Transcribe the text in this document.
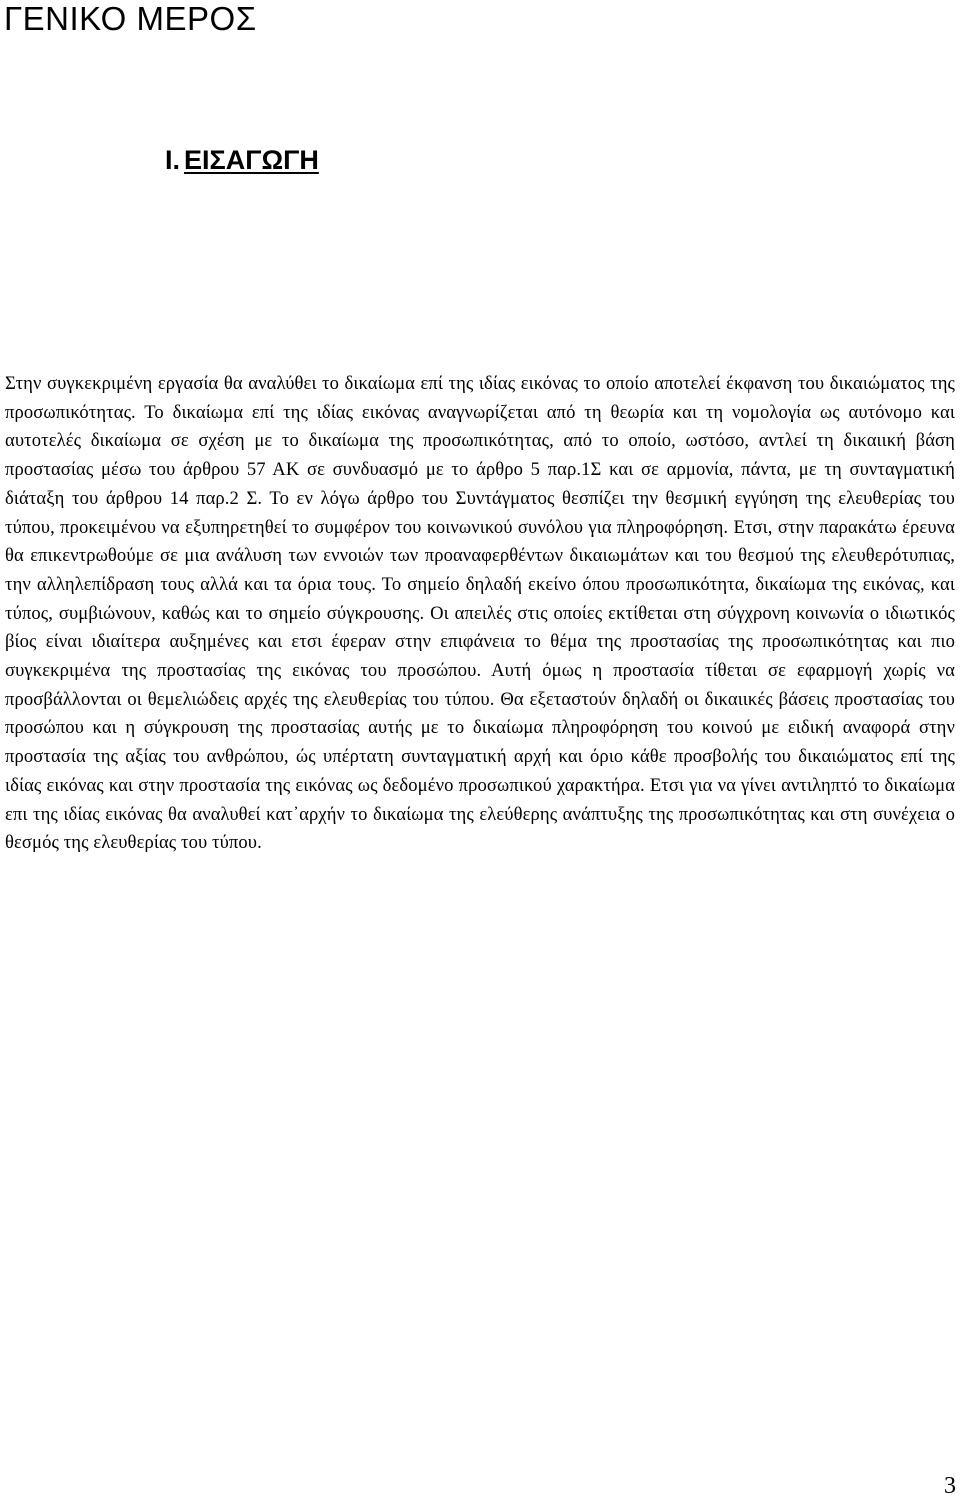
ΓΕΝΙΚΟ ΜΕΡΟΣ
I. ΕΙΣΑΓΩΓΗ

Στην συγκεκριμένη εργασία θα αναλύθει το δικαίωμα επί της ιδίας εικόνας το οποίο αποτελεί έκφανση του δικαιώματος της προσωπικότητας. Το δικαίωμα επί της ιδίας εικόνας αναγνωρίζεται από τη θεωρία και τη νομολογία ως αυτόνομο και αυτοτελές δικαίωμα σε σχέση με το δικαίωμα της προσωπικότητας, από το οποίο, ωστόσο, αντλεί τη δικαιική βάση προστασίας μέσω του άρθρου 57 ΑΚ σε συνδυασμό με το άρθρο 5 παρ.1Σ και σε αρμονία, πάντα, με τη συνταγματική διάταξη του άρθρου 14 παρ.2 Σ. Το εν λόγω άρθρο του Συντάγματος θεσπίζει την θεσμική εγγύηση της ελευθερίας του τύπου, προκειμένου να εξυπηρετηθεί το συμφέρον του κοινωνικού συνόλου για πληροφόρηση. Ετσι, στην παρακάτω έρευνα θα επικεντρωθούμε σε μια ανάλυση των εννοιών των προαναφερθέντων δικαιωμάτων και του θεσμού της ελευθερότυπιας, την αλληλεπίδραση τους αλλά και τα όρια τους. Το σημείο δηλαδή εκείνο όπου προσωπικότητα, δικαίωμα της εικόνας, και τύπος, συμβιώνουν, καθώς και το σημείο σύγκρουσης. Οι απειλές στις οποίες εκτίθεται στη σύγχρονη κοινωνία ο ιδιωτικός βίος είναι ιδιαίτερα αυξημένες και ετσι έφεραν στην επιφάνεια το θέμα της προστασίας της προσωπικότητας και πιο συγκεκριμένα της προστασίας της εικόνας του προσώπου. Αυτή όμως η προστασία τίθεται σε εφαρμογή χωρίς να προσβάλλονται οι θεμελιώδεις αρχές της ελευθερίας του τύπου. Θα εξεταστούν δηλαδή οι δικαιικές βάσεις προστασίας του προσώπου και η σύγκρουση της προστασίας αυτής με το δικαίωμα πληροφόρηση του κοινού με ειδική αναφορά στην προστασία της αξίας του ανθρώπου, ώς υπέρτατη συνταγματική αρχή και όριο κάθε προσβολής του δικαιώματος επί της ιδίας εικόνας και στην προστασία της εικόνας ως δεδομένο προσωπικού χαρακτήρα. Ετσι για να γίνει αντιληπτό το δικαίωμα επι της ιδίας εικόνας θα αναλυθεί κατ᾽αρχήν το δικαίωμα της ελεύθερης ανάπτυξης της προσωπικότητας και στη συνέχεια ο θεσμός της ελευθερίας του τύπου.

3
